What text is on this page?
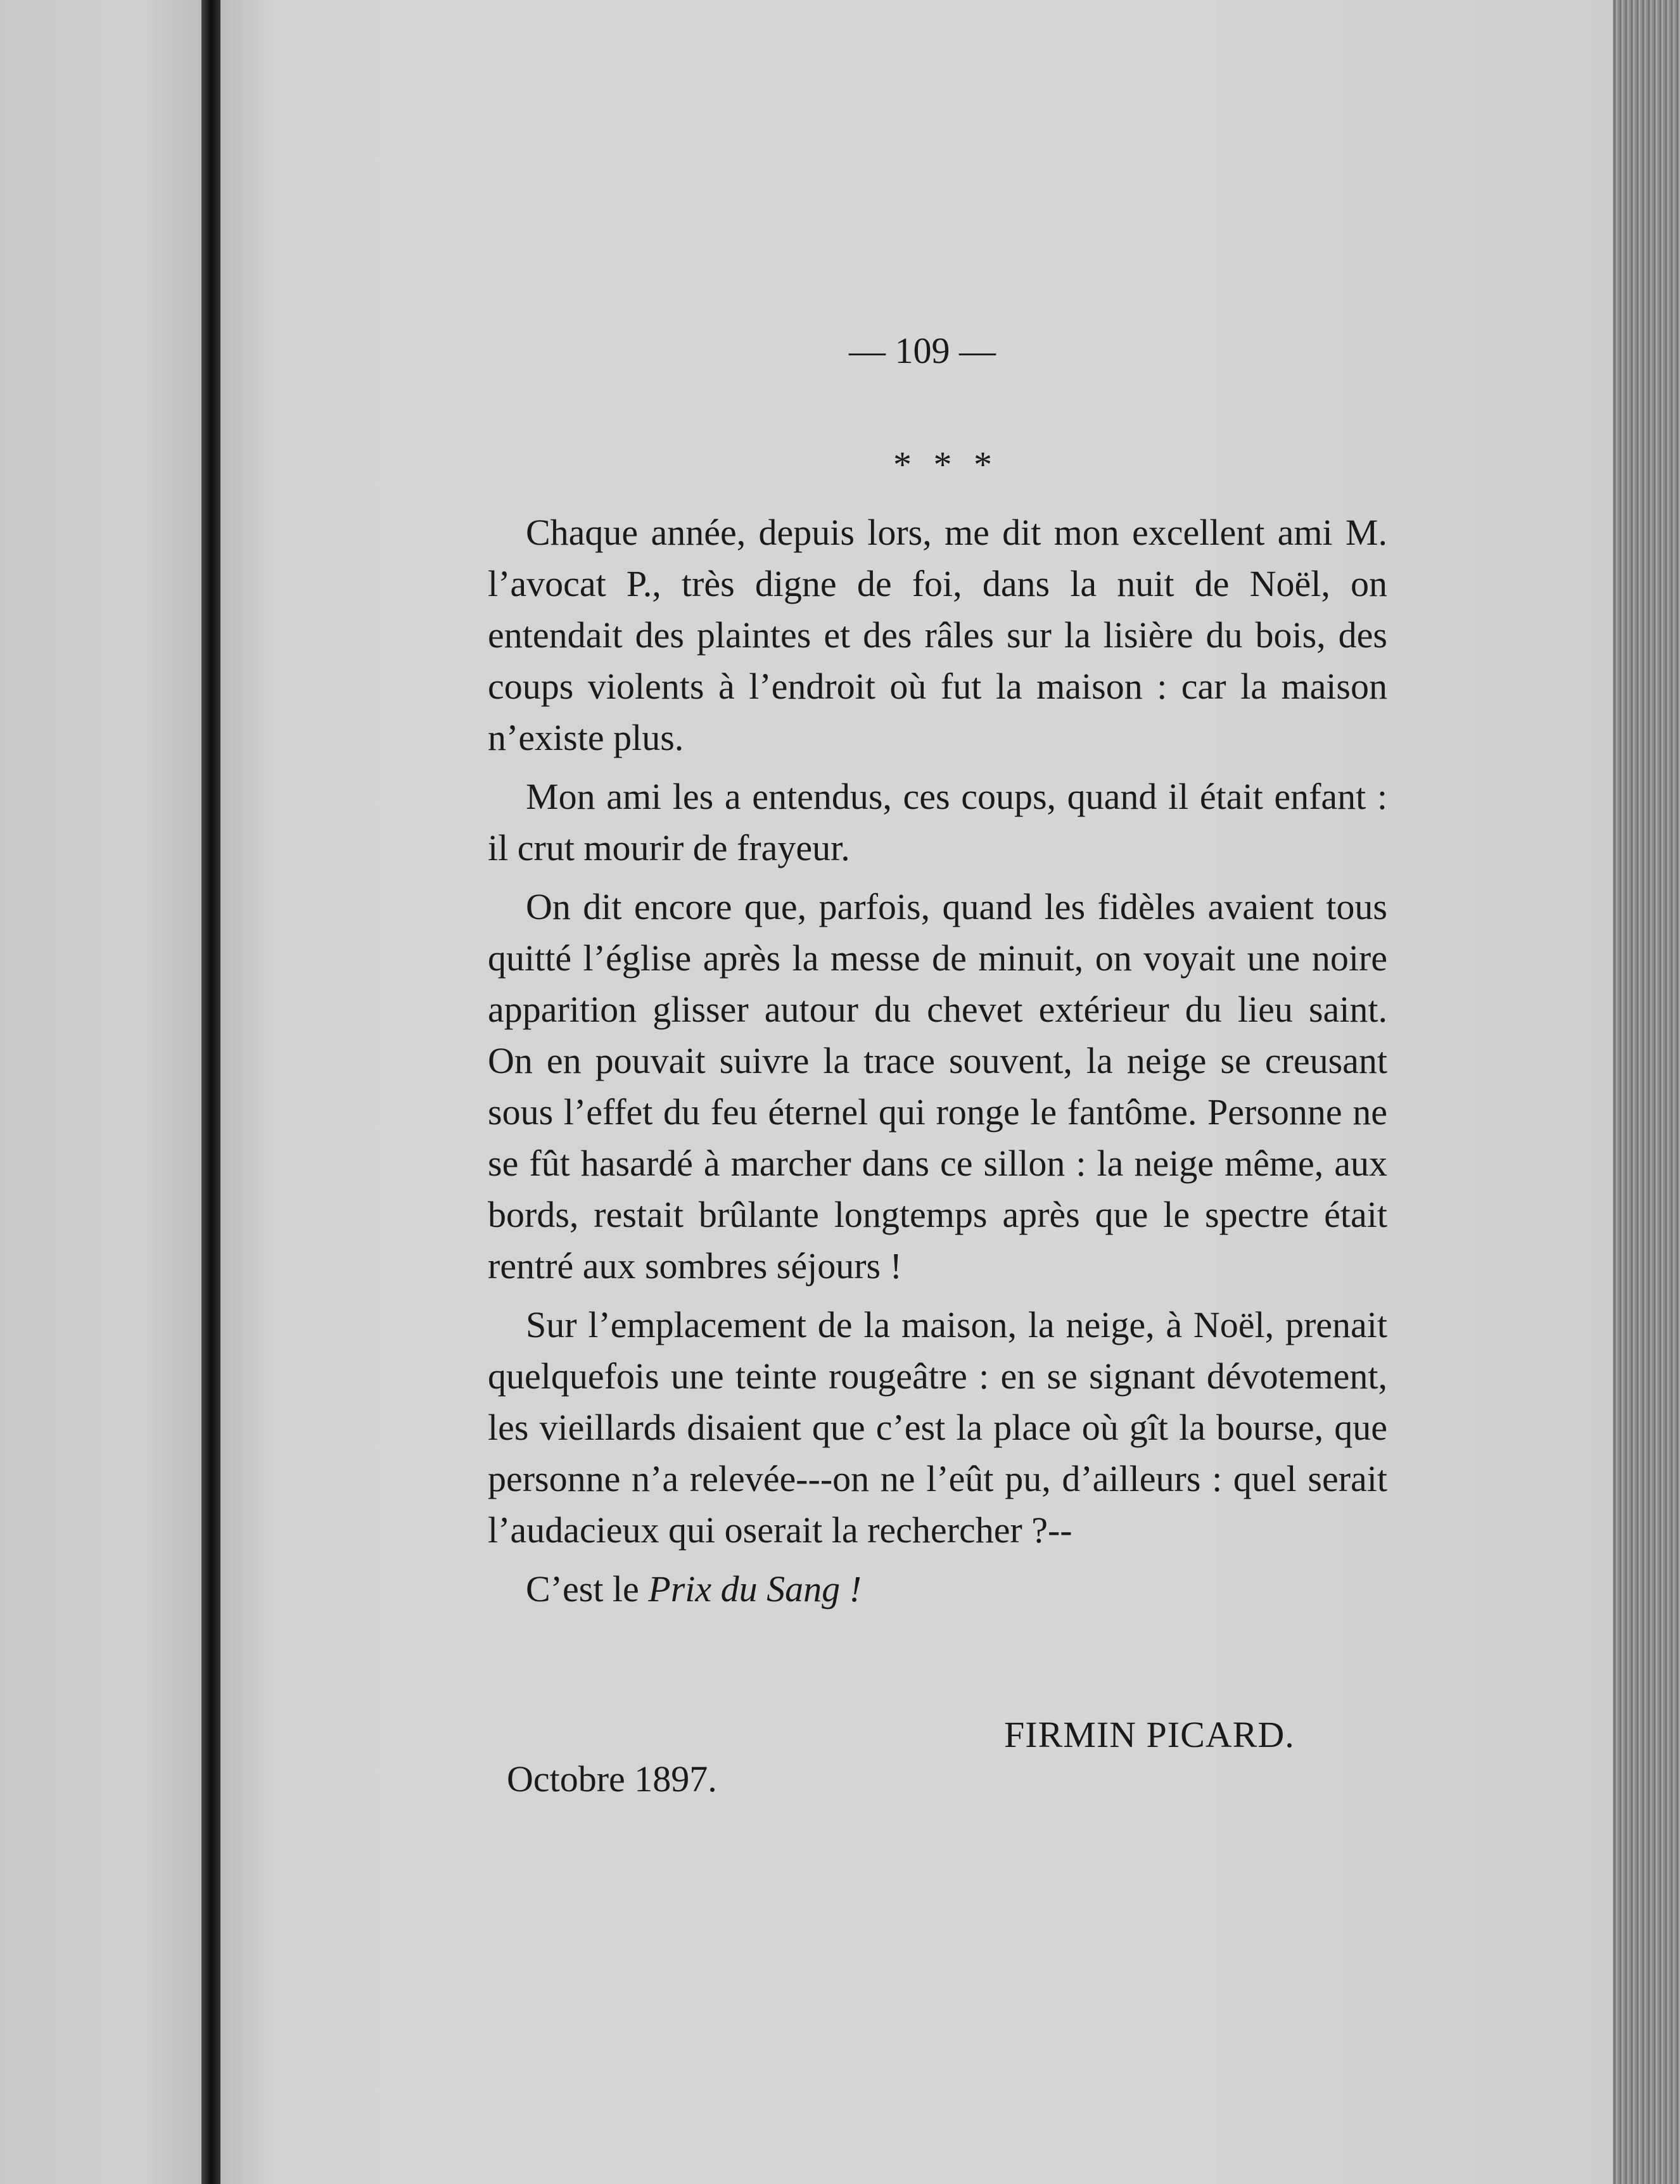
— 109 —
* * *

Chaque année, depuis lors, me dit mon excellent ami M. l’avocat P., très digne de foi, dans la nuit de Noël, on entendait des plaintes et des râles sur la lisière du bois, des coups violents à l’endroit où fut la maison : car la maison n’existe plus.

Mon ami les a entendus, ces coups, quand il était enfant : il crut mourir de frayeur.

On dit encore que, parfois, quand les fidèles avaient tous quitté l’église après la messe de minuit, on voyait une noire apparition glisser autour du chevet extérieur du lieu saint. On en pouvait suivre la trace souvent, la neige se creusant sous l’effet du feu éternel qui ronge le fantôme. Personne ne se fût hasardé à marcher dans ce sillon : la neige même, aux bords, restait brûlante longtemps après que le spectre était rentré aux sombres séjours !

Sur l’emplacement de la maison, la neige, à Noël, prenait quelquefois une teinte rougeâtre : en se signant dévotement, les vieillards disaient que c’est la place où gît la bourse, que personne n’a relevée---on ne l’eût pu, d’ailleurs : quel serait l’audacieux qui oserait la rechercher ?--

C’est le Prix du Sang !

FIRMIN PICARD.
Octobre 1897.
